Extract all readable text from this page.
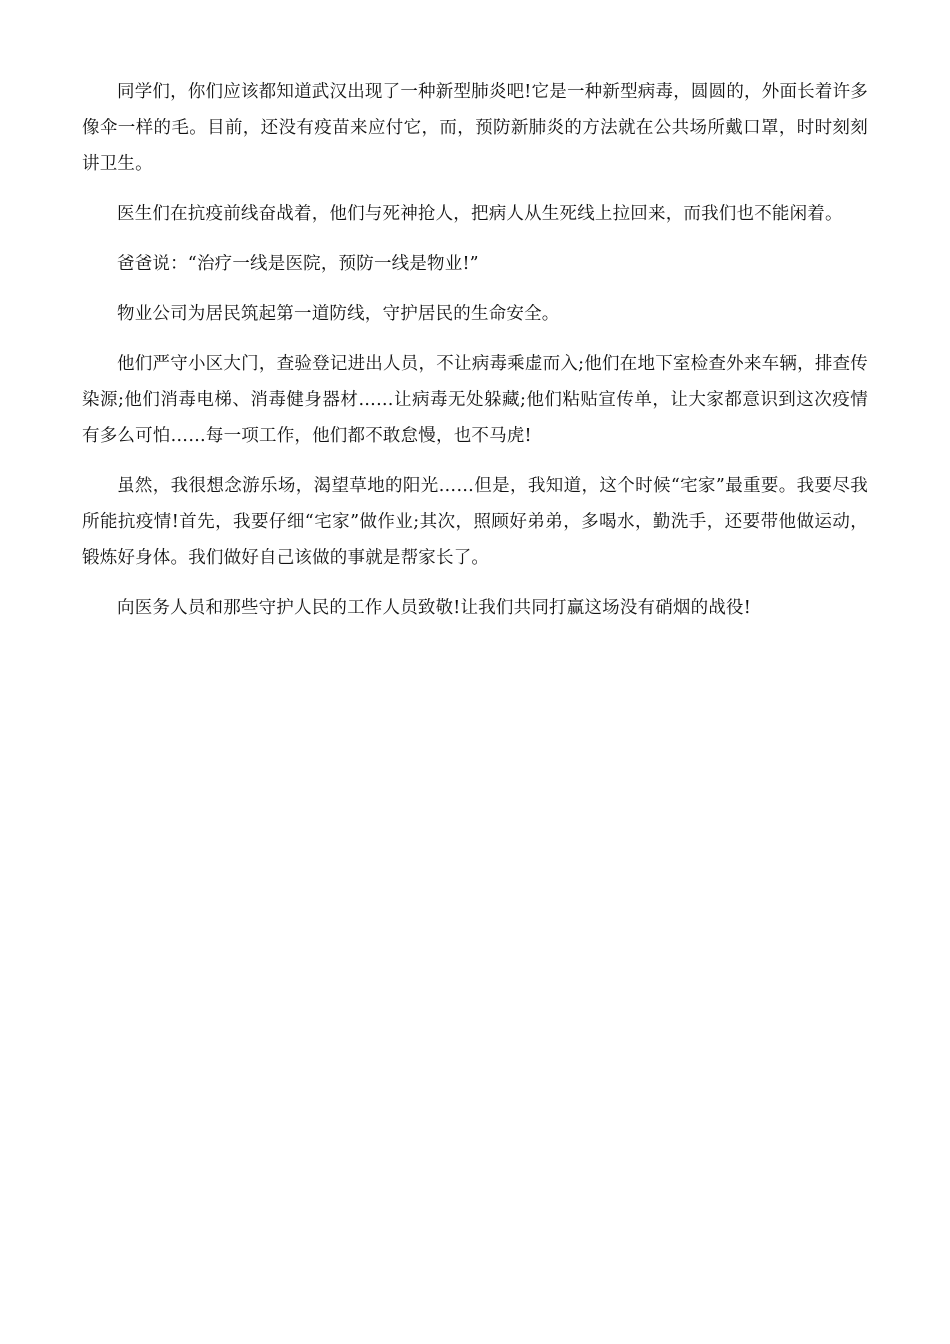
同学们，你们应该都知道武汉出现了一种新型肺炎吧!它是一种新型病毒，圆圆的，外面长着许多像伞一样的毛。目前，还没有疫苗来应付它，而，预防新肺炎的方法就在公共场所戴口罩，时时刻刻讲卫生。

医生们在抗疫前线奋战着，他们与死神抢人，把病人从生死线上拉回来，而我们也不能闲着。

爸爸说：“治疗一线是医院，预防一线是物业!”

物业公司为居民筑起第一道防线，守护居民的生命安全。

他们严守小区大门，查验登记进出人员，不让病毒乘虚而入;他们在地下室检查外来车辆，排查传染源;他们消毒电梯、消毒健身器材……让病毒无处躲藏;他们粘贴宣传单，让大家都意识到这次疫情有多么可怕……每一项工作，他们都不敢怠慢，也不马虎!

虽然，我很想念游乐场，渴望草地的阳光……但是，我知道，这个时候“宅家”最重要。我要尽我所能抗疫情!首先，我要仔细“宅家”做作业;其次，照顾好弟弟，多喝水，勤洗手，还要带他做运动，锻炼好身体。我们做好自己该做的事就是帮家长了。

向医务人员和那些守护人民的工作人员致敬!让我们共同打赢这场没有硝烟的战役!
